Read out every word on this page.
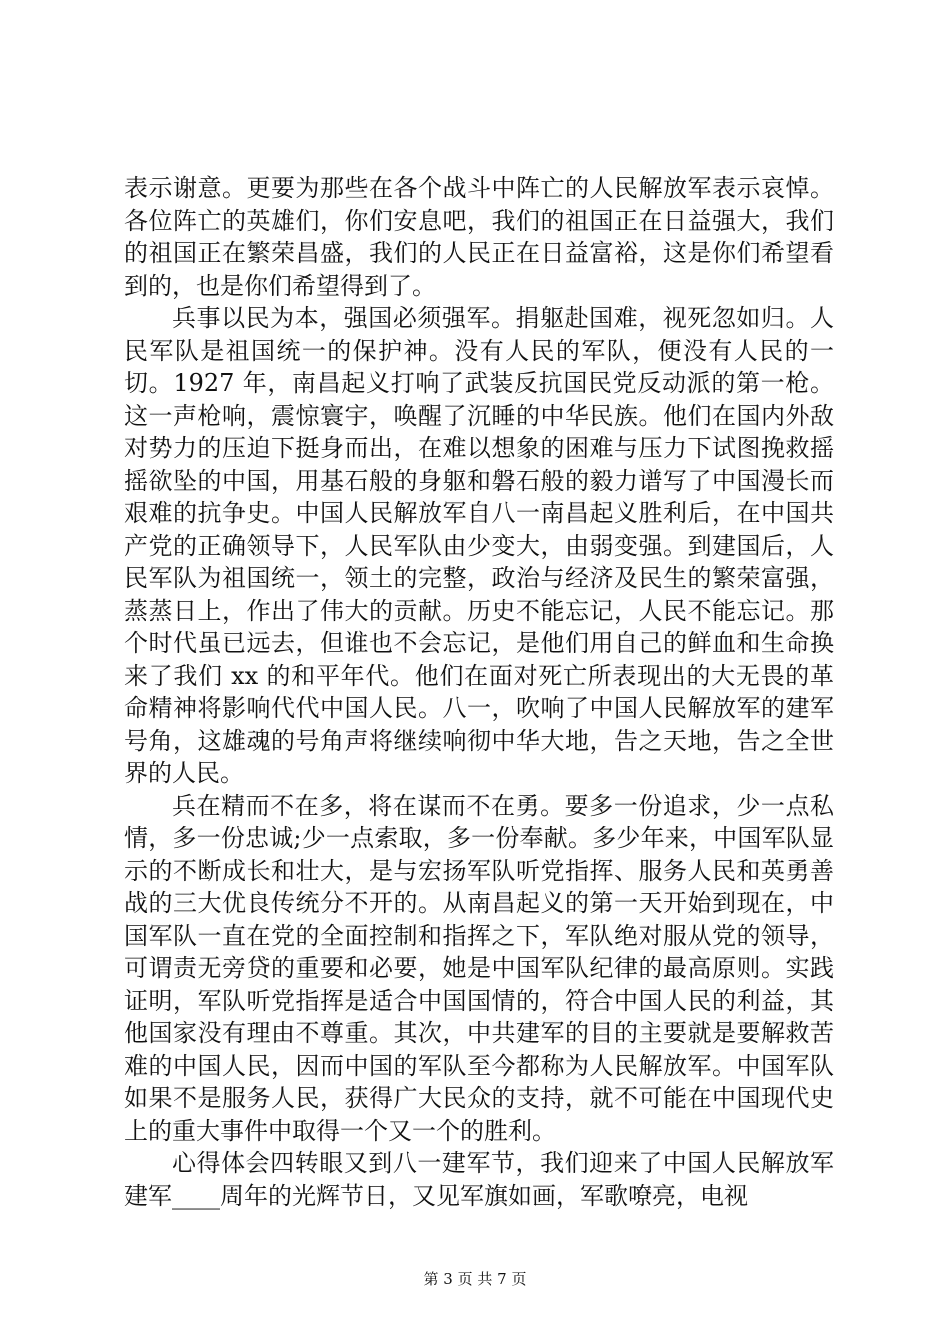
表示谢意。更要为那些在各个战斗中阵亡的人民解放军表示哀悼。各位阵亡的英雄们，你们安息吧，我们的祖国正在日益强大，我们的祖国正在繁荣昌盛，我们的人民正在日益富裕，这是你们希望看到的，也是你们希望得到了。

兵事以民为本，强国必须强军。捐躯赴国难，视死忽如归。人民军队是祖国统一的保护神。没有人民的军队，便没有人民的一切。1927 年，南昌起义打响了武装反抗国民党反动派的第一枪。这一声枪响，震惊寰宇，唤醒了沉睡的中华民族。他们在国内外敌对势力的压迫下挺身而出，在难以想象的困难与压力下试图挽救摇摇欲坠的中国，用基石般的身躯和磐石般的毅力谱写了中国漫长而艰难的抗争史。中国人民解放军自八一南昌起义胜利后，在中国共产党的正确领导下，人民军队由少变大，由弱变强。到建国后，人民军队为祖国统一，领土的完整，政治与经济及民生的繁荣富强，蒸蒸日上，作出了伟大的贡献。历史不能忘记，人民不能忘记。那个时代虽已远去，但谁也不会忘记，是他们用自己的鲜血和生命换来了我们 xx 的和平年代。他们在面对死亡所表现出的大无畏的革命精神将影响代代中国人民。八一，吹响了中国人民解放军的建军号角，这雄魂的号角声将继续响彻中华大地，告之天地，告之全世界的人民。

兵在精而不在多，将在谋而不在勇。要多一份追求，少一点私情，多一份忠诚;少一点索取，多一份奉献。多少年来，中国军队显示的不断成长和壮大，是与宏扬军队听党指挥、服务人民和英勇善战的三大优良传统分不开的。从南昌起义的第一天开始到现在，中国军队一直在党的全面控制和指挥之下，军队绝对服从党的领导，可谓责无旁贷的重要和必要，她是中国军队纪律的最高原则。实践证明，军队听党指挥是适合中国国情的，符合中国人民的利益，其他国家没有理由不尊重。其次，中共建军的目的主要就是要解救苦难的中国人民，因而中国的军队至今都称为人民解放军。中国军队如果不是服务人民，获得广大民众的支持，就不可能在中国现代史上的重大事件中取得一个又一个的胜利。

心得体会四转眼又到八一建军节，我们迎来了中国人民解放军建军____周年的光辉节日，又见军旗如画，军歌嘹亮，电视

第 3 页 共 7 页
